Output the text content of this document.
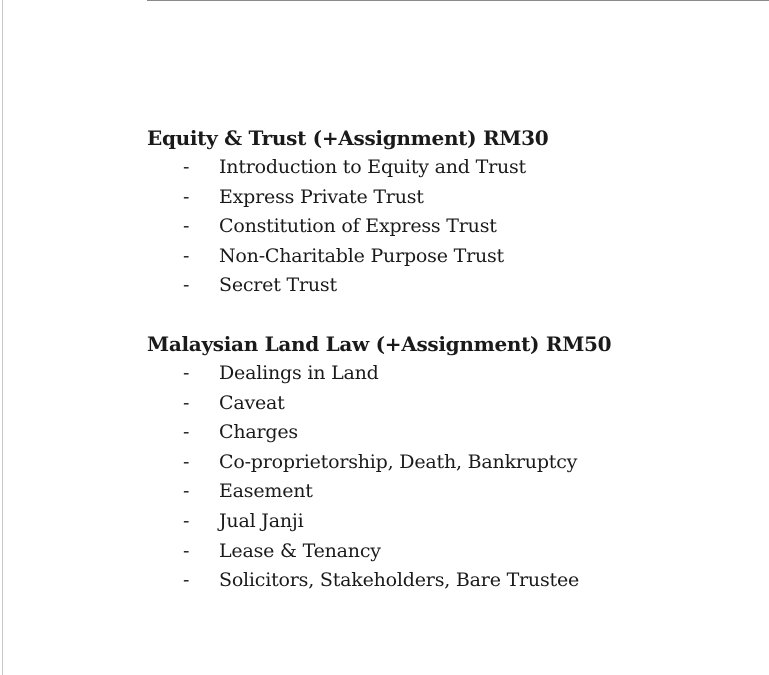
Equity & Trust (+Assignment) RM30
-	Introduction to Equity and Trust
-	Express Private Trust
-	Constitution of Express Trust
-	Non-Charitable Purpose Trust
-	Secret Trust
Malaysian Land Law (+Assignment) RM50
-	Dealings in Land
-	Caveat
-	Charges
-	Co-proprietorship, Death, Bankruptcy
-	Easement
-	Jual Janji
-	Lease & Tenancy
-	Solicitors, Stakeholders, Bare Trustee
